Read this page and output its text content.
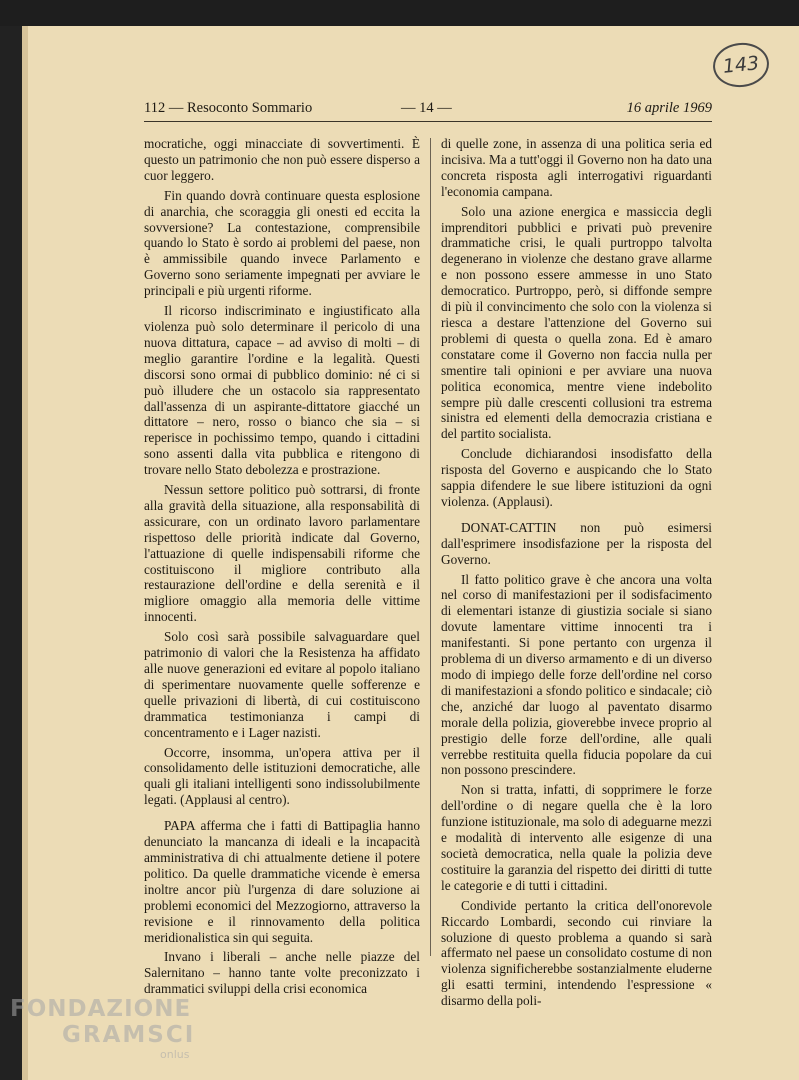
143
112 — Resoconto Sommario	— 14 —	16 aprile 1969

mocratiche, oggi minacciate di sovvertimenti. È questo un patrimonio che non può essere disperso a cuor leggero.

Fin quando dovrà continuare questa esplosione di anarchia, che scoraggia gli onesti ed eccita la sovversione? La contestazione, comprensibile quando lo Stato è sordo ai problemi del paese, non è ammissibile quando invece Parlamento e Governo sono seriamente impegnati per avviare le principali e più urgenti riforme.

Il ricorso indiscriminato e ingiustificato alla violenza può solo determinare il pericolo di una nuova dittatura, capace – ad avviso di molti – di meglio garantire l'ordine e la legalità. Questi discorsi sono ormai di pubblico dominio: né ci si può illudere che un ostacolo sia rappresentato dall'assenza di un aspirante-dittatore giacché un dittatore – nero, rosso o bianco che sia – si reperisce in pochissimo tempo, quando i cittadini sono assenti dalla vita pubblica e ritengono di trovare nello Stato debolezza e prostrazione.

Nessun settore politico può sottrarsi, di fronte alla gravità della situazione, alla responsabilità di assicurare, con un ordinato lavoro parlamentare rispettoso delle priorità indicate dal Governo, l'attuazione di quelle indispensabili riforme che costituiscono il migliore contributo alla restaurazione dell'ordine e della serenità e il migliore omaggio alla memoria delle vittime innocenti.

Solo così sarà possibile salvaguardare quel patrimonio di valori che la Resistenza ha affidato alle nuove generazioni ed evitare al popolo italiano di sperimentare nuovamente quelle sofferenze e quelle privazioni di libertà, di cui costituiscono drammatica testimonianza i campi di concentramento e i Lager nazisti.

Occorre, insomma, un'opera attiva per il consolidamento delle istituzioni democratiche, alle quali gli italiani intelligenti sono indissolubilmente legati. (Applausi al centro).

PAPA afferma che i fatti di Battipaglia hanno denunciato la mancanza di ideali e la incapacità amministrativa di chi attualmente detiene il potere politico. Da quelle drammatiche vicende è emersa inoltre ancor più l'urgenza di dare soluzione ai problemi economici del Mezzogiorno, attraverso la revisione e il rinnovamento della politica meridionalistica sin qui seguita.

Invano i liberali – anche nelle piazze del Salernitano – hanno tante volte preconizzato i drammatici sviluppi della crisi economica

di quelle zone, in assenza di una politica seria ed incisiva. Ma a tutt'oggi il Governo non ha dato una concreta risposta agli interrogativi riguardanti l'economia campana.

Solo una azione energica e massiccia degli imprenditori pubblici e privati può prevenire drammatiche crisi, le quali purtroppo talvolta degenerano in violenze che destano grave allarme e non possono essere ammesse in uno Stato democratico. Purtroppo, però, si diffonde sempre di più il convincimento che solo con la violenza si riesca a destare l'attenzione del Governo sui problemi di questa o quella zona. Ed è amaro constatare come il Governo non faccia nulla per smentire tali opinioni e per avviare una nuova politica economica, mentre viene indebolito sempre più dalle crescenti collusioni tra estrema sinistra ed elementi della democrazia cristiana e del partito socialista.

Conclude dichiarandosi insodisfatto della risposta del Governo e auspicando che lo Stato sappia difendere le sue libere istituzioni da ogni violenza. (Applausi).

DONAT-CATTIN non può esimersi dall'esprimere insodisfazione per la risposta del Governo.

Il fatto politico grave è che ancora una volta nel corso di manifestazioni per il sodisfacimento di elementari istanze di giustizia sociale si siano dovute lamentare vittime innocenti tra i manifestanti. Si pone pertanto con urgenza il problema di un diverso armamento e di un diverso modo di impiego delle forze dell'ordine nel corso di manifestazioni a sfondo politico e sindacale; ciò che, anziché dar luogo al paventato disarmo morale della polizia, gioverebbe invece proprio al prestigio delle forze dell'ordine, alle quali verrebbe restituita quella fiducia popolare da cui non possono prescindere.

Non si tratta, infatti, di sopprimere le forze dell'ordine o di negare quella che è la loro funzione istituzionale, ma solo di adeguarne mezzi e modalità di intervento alle esigenze di una società democratica, nella quale la polizia deve costituire la garanzia del rispetto dei diritti di tutte le categorie e di tutti i cittadini.

Condivide pertanto la critica dell'onorevole Riccardo Lombardi, secondo cui rinviare la soluzione di questo problema a quando si sarà affermato nel paese un consolidato costume di non violenza significherebbe sostanzialmente eluderne gli esatti termini, intendendo l'espressione « disarmo della poli-

FONDAZIONE
GRAMSCI
onlus
